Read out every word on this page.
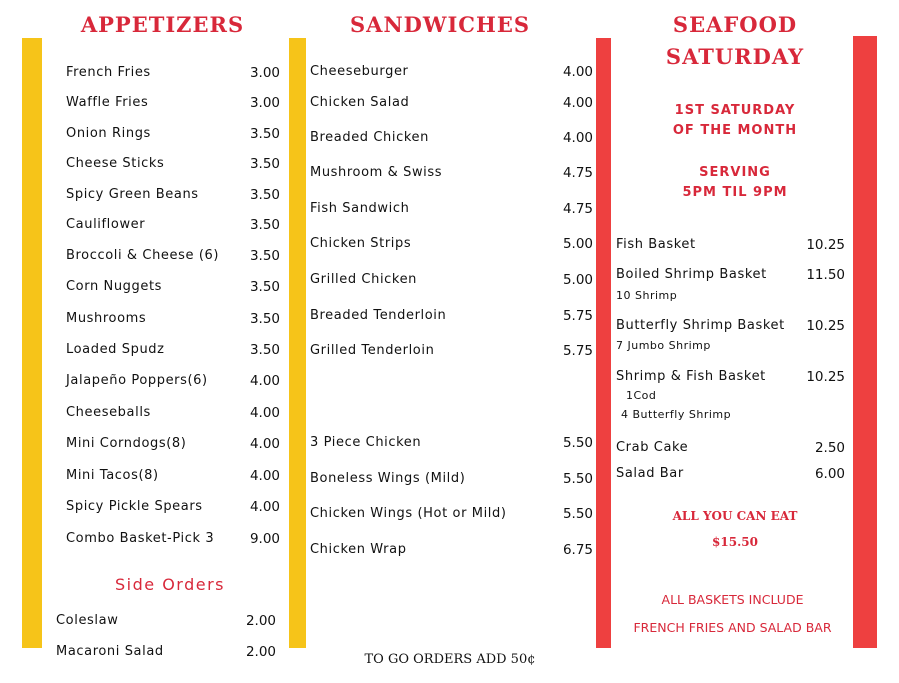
APPETIZERS
French Fries	3.00
Waffle Fries	3.00
Onion Rings	3.50
Cheese Sticks	3.50
Spicy Green Beans	3.50
Cauliflower	3.50
Broccoli & Cheese (6)	3.50
Corn Nuggets	3.50
Mushrooms	3.50
Loaded Spudz	3.50
Jalapeño Poppers(6)	4.00
Cheeseballs	4.00
Mini Corndogs(8)	4.00
Mini Tacos(8)	4.00
Spicy Pickle Spears	4.00
Combo Basket-Pick 3	9.00
Side Orders
Coleslaw	2.00
Macaroni Salad	2.00
SANDWICHES
Cheeseburger	4.00
Chicken Salad	4.00
Breaded Chicken	4.00
Mushroom & Swiss	4.75
Fish Sandwich	4.75
Chicken Strips	5.00
Grilled Chicken	5.00
Breaded Tenderloin	5.75
Grilled Tenderloin	5.75
3 Piece Chicken	5.50
Boneless Wings (Mild)	5.50
Chicken Wings (Hot or Mild)	5.50
Chicken Wrap	6.75
TO GO ORDERS ADD 50¢
SEAFOOD
SATURDAY
1ST SATURDAY
OF THE MONTH
SERVING
5PM TIL 9PM
Fish Basket	10.25
Boiled Shrimp Basket	11.50
10 Shrimp
Butterfly Shrimp Basket	10.25
7 Jumbo Shrimp
Shrimp & Fish Basket	10.25
1Cod
4 Butterfly Shrimp
Crab Cake	2.50
Salad Bar	6.00
ALL YOU CAN EAT
$15.50
ALL BASKETS INCLUDE
FRENCH FRIES AND SALAD BAR
